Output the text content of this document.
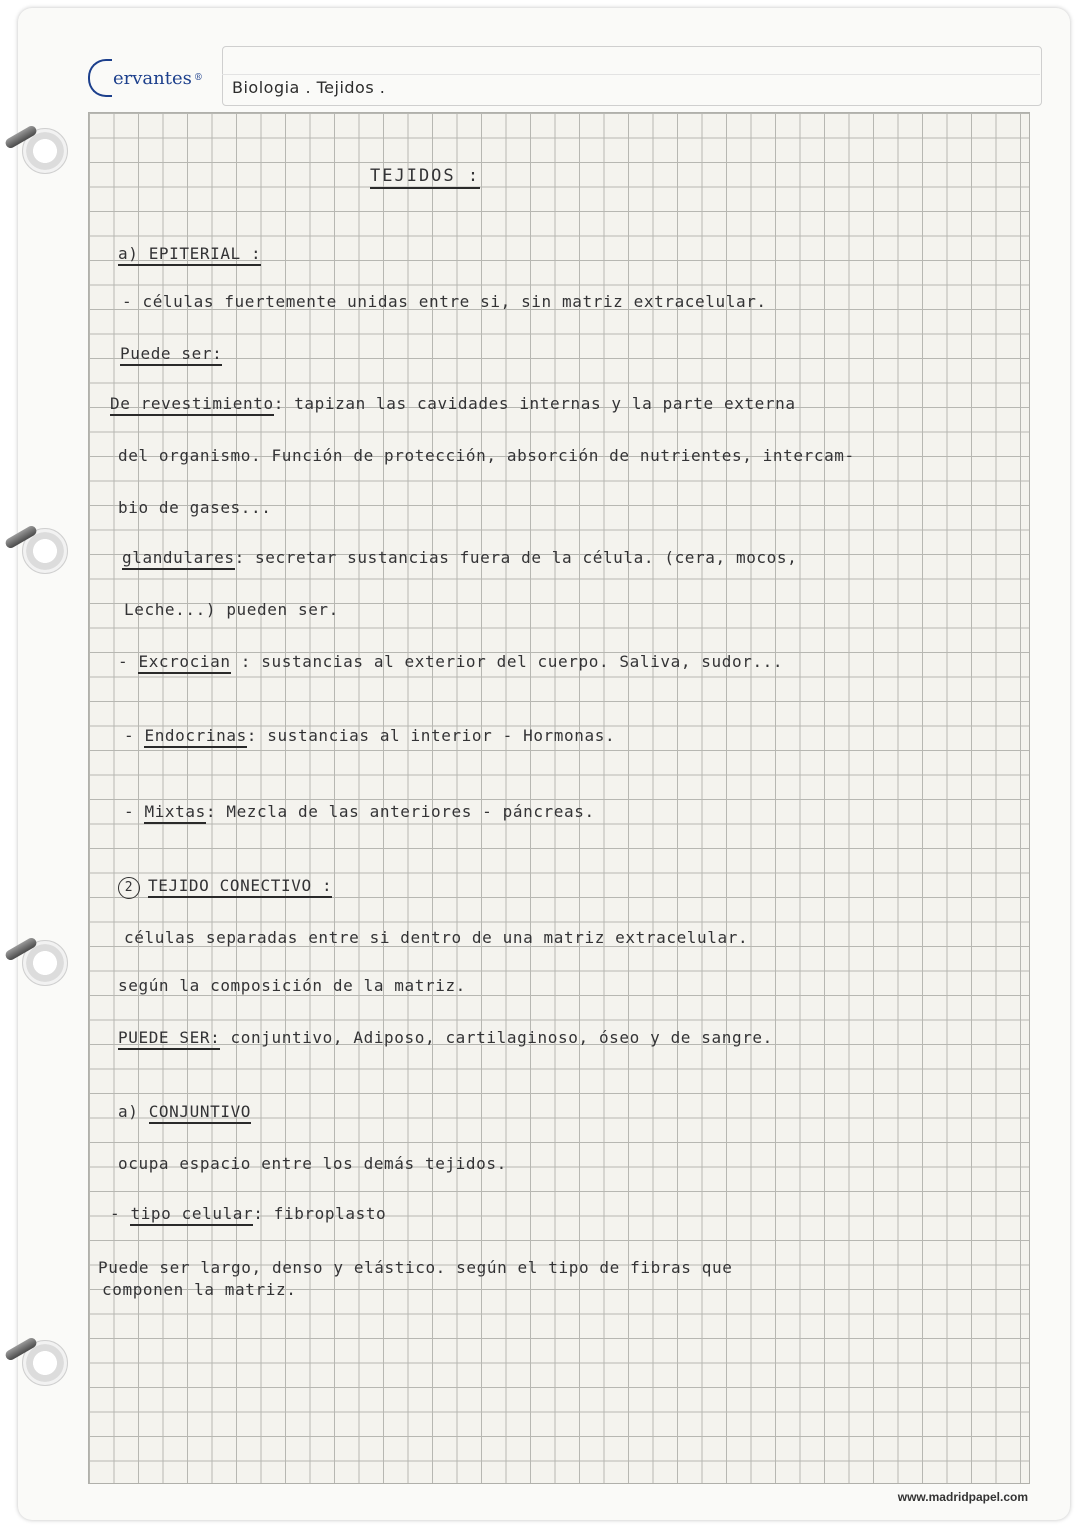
ervantes ® Biologia . Tejidos .

TEJIDOS :

a) EPITERIAL :

- células fuertemente unidas entre si, sin matriz extracelular.

Puede ser:

De revestimiento: tapizan las cavidades internas y la parte externa

del organismo. Función de protección, absorción de nutrientes, intercam-

bio de gases...

glandulares: secretar sustancias fuera de la célula. (cera, mocos,

Leche...) pueden ser.

- Excrocian : sustancias al exterior del cuerpo. Saliva, sudor...

- Endocrinas: sustancias al interior - Hormonas.

- Mixtas: Mezcla de las anteriores - páncreas.

2 TEJIDO CONECTIVO :

células separadas entre si dentro de una matriz extracelular.

según la composición de la matriz.

PUEDE SER: conjuntivo, Adiposo, cartilaginoso, óseo y de sangre.

a) CONJUNTIVO

ocupa espacio entre los demás tejidos.

- tipo celular: fibroplasto

Puede ser largo, denso y elástico. según el tipo de fibras que

componen la matriz.

www.madridpapel.com
